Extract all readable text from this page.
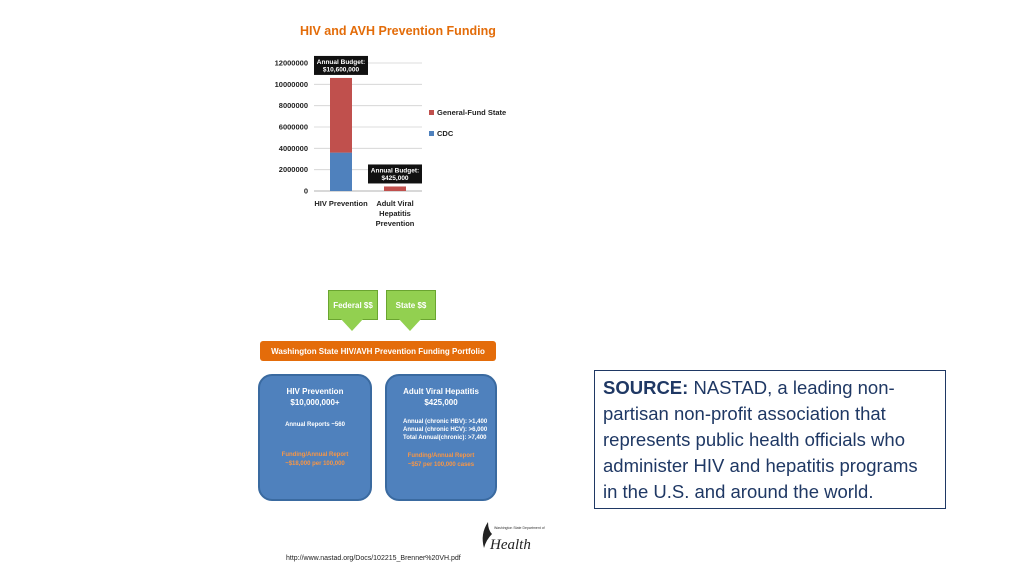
HIV and AVH Prevention Funding
0
2000000
4000000
6000000
8000000
10000000
12000000
HIV Prevention Adult Viral
Hepatitis
Prevention
Annual Budget:
$10,600,000
Annual Budget:
$425,000
General-Fund State
CDC
Federal $$	State $$
Washington State HIV/AVH Prevention Funding Portfolio
HIV Prevention
$10,000,000+
Annual Reports ~560
Funding/Annual Report
~$18,000 per 100,000
Adult Viral Hepatitis
$425,000
Annual (chronic HBV): >1,400
Annual (chronic HCV): >6,000
Total Annual(chronic): >7,400
Funding/Annual Report
~$57 per 100,000 cases
SOURCE: NASTAD, a leading non-partisan non-profit association that represents public health officials who administer HIV and hepatitis programs in the U.S. and around the world.
Washington State Department of
Health
http://www.nastad.org/Docs/102215_Brenner%20VH.pdf
